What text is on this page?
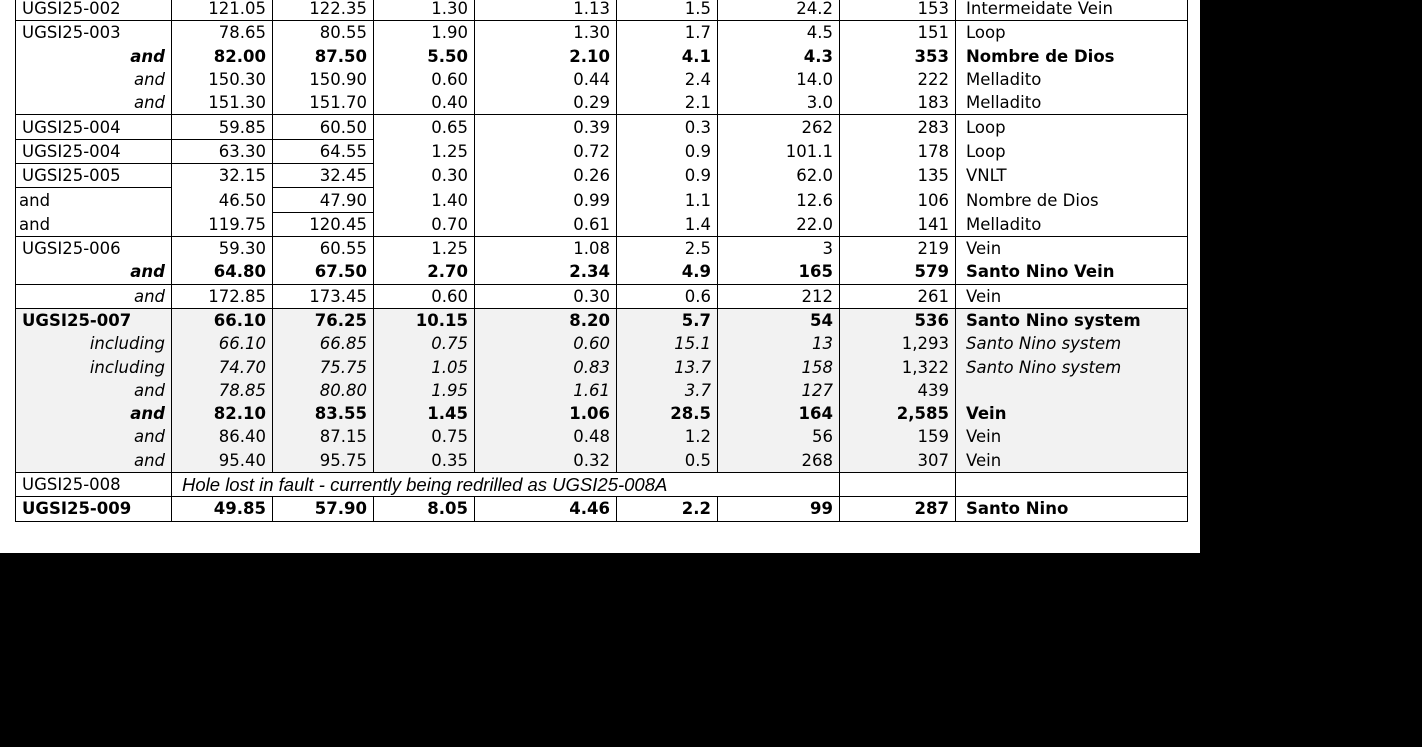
UGSI25-002	121.05	122.35	1.30	1.13	1.5	24.2	153	Intermeidate Vein
UGSI25-003	78.65	80.55	1.90	1.30	1.7	4.5	151	Loop
and	82.00	87.50	5.50	2.10	4.1	4.3	353	Nombre de Dios
and	150.30	150.90	0.60	0.44	2.4	14.0	222	Melladito
and	151.30	151.70	0.40	0.29	2.1	3.0	183	Melladito
UGSI25-004	59.85	60.50	0.65	0.39	0.3	262	283	Loop
UGSI25-004	63.30	64.55	1.25	0.72	0.9	101.1	178	Loop
UGSI25-005	32.15	32.45	0.30	0.26	0.9	62.0	135	VNLT
and	46.50	47.90	1.40	0.99	1.1	12.6	106	Nombre de Dios
and	119.75	120.45	0.70	0.61	1.4	22.0	141	Melladito
UGSI25-006	59.30	60.55	1.25	1.08	2.5	3	219	Vein
and	64.80	67.50	2.70	2.34	4.9	165	579	Santo Nino Vein
and	172.85	173.45	0.60	0.30	0.6	212	261	Vein
UGSI25-007	66.10	76.25	10.15	8.20	5.7	54	536	Santo Nino system
including	66.10	66.85	0.75	0.60	15.1	13	1,293	Santo Nino system
including	74.70	75.75	1.05	0.83	13.7	158	1,322	Santo Nino system
and	78.85	80.80	1.95	1.61	3.7	127	439	
and	82.10	83.55	1.45	1.06	28.5	164	2,585	Vein
and	86.40	87.15	0.75	0.48	1.2	56	159	Vein
and	95.40	95.75	0.35	0.32	0.5	268	307	Vein
UGSI25-008	Hole lost in fault - currently being redrilled as UGSI25-008A							
UGSI25-009	49.85	57.90	8.05	4.46	2.2	99	287	Santo Nino
